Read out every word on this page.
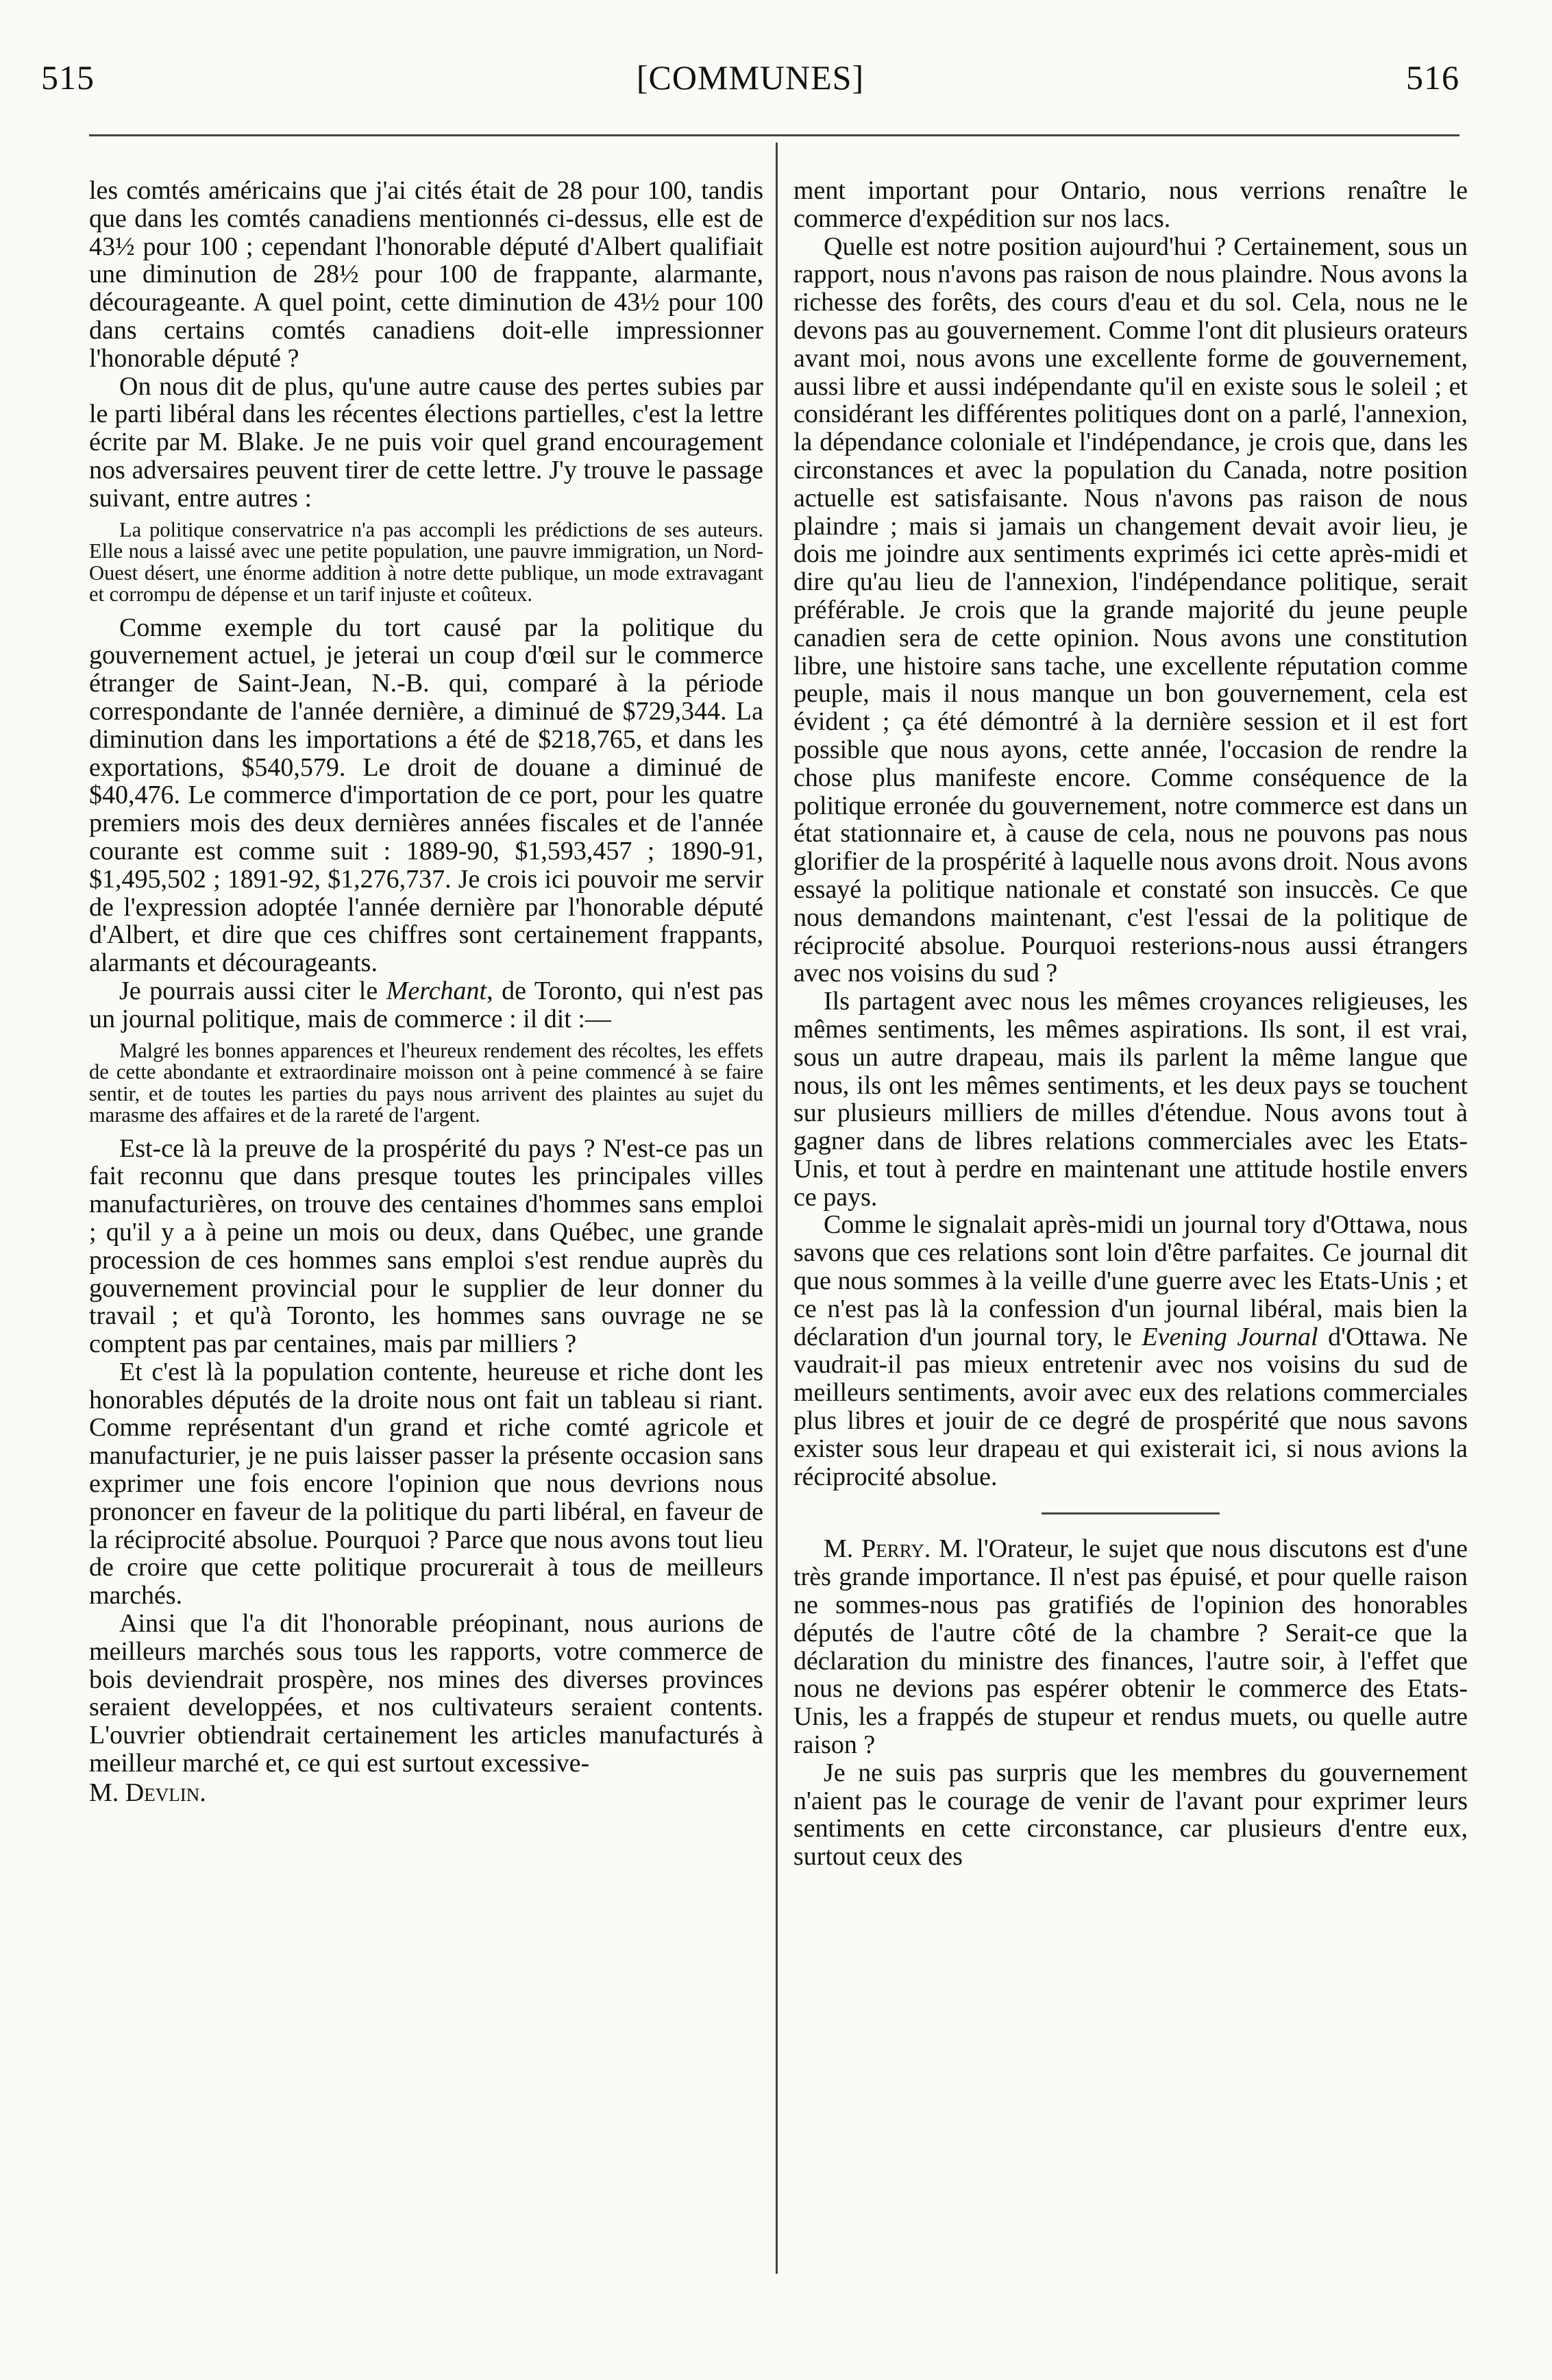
515	[COMMUNES]	516

les comtés américains que j'ai cités était de 28 pour 100, tandis que dans les comtés canadiens mentionnés ci-dessus, elle est de 43½ pour 100 ; cependant l'honorable député d'Albert qualifiait une diminution de 28½ pour 100 de frappante, alarmante, décourageante. A quel point, cette diminution de 43½ pour 100 dans certains comtés canadiens doit-elle impressionner l'honorable député ?

On nous dit de plus, qu'une autre cause des pertes subies par le parti libéral dans les récentes élections partielles, c'est la lettre écrite par M. Blake. Je ne puis voir quel grand encouragement nos adversaires peuvent tirer de cette lettre. J'y trouve le passage suivant, entre autres :

La politique conservatrice n'a pas accompli les prédictions de ses auteurs. Elle nous a laissé avec une petite population, une pauvre immigration, un Nord-Ouest désert, une énorme addition à notre dette publique, un mode extravagant et corrompu de dépense et un tarif injuste et coûteux.

Comme exemple du tort causé par la politique du gouvernement actuel, je jeterai un coup d'œil sur le commerce étranger de Saint-Jean, N.-B. qui, comparé à la période correspondante de l'année dernière, a diminué de $729,344. La diminution dans les importations a été de $218,765, et dans les exportations, $540,579. Le droit de douane a diminué de $40,476. Le commerce d'importation de ce port, pour les quatre premiers mois des deux dernières années fiscales et de l'année courante est comme suit : 1889-90, $1,593,457 ; 1890-91, $1,495,502 ; 1891-92, $1,276,737. Je crois ici pouvoir me servir de l'expression adoptée l'année dernière par l'honorable député d'Albert, et dire que ces chiffres sont certainement frappants, alarmants et décourageants.

Je pourrais aussi citer le Merchant, de Toronto, qui n'est pas un journal politique, mais de commerce : il dit :—

Malgré les bonnes apparences et l'heureux rendement des récoltes, les effets de cette abondante et extraordinaire moisson ont à peine commencé à se faire sentir, et de toutes les parties du pays nous arrivent des plaintes au sujet du marasme des affaires et de la rareté de l'argent.

Est-ce là la preuve de la prospérité du pays ? N'est-ce pas un fait reconnu que dans presque toutes les principales villes manufacturières, on trouve des centaines d'hommes sans emploi ; qu'il y a à peine un mois ou deux, dans Québec, une grande procession de ces hommes sans emploi s'est rendue auprès du gouvernement provincial pour le supplier de leur donner du travail ; et qu'à Toronto, les hommes sans ouvrage ne se comptent pas par centaines, mais par milliers ?

Et c'est là la population contente, heureuse et riche dont les honorables députés de la droite nous ont fait un tableau si riant. Comme représentant d'un grand et riche comté agricole et manufacturier, je ne puis laisser passer la présente occasion sans exprimer une fois encore l'opinion que nous devrions nous prononcer en faveur de la politique du parti libéral, en faveur de la réciprocité absolue. Pourquoi ? Parce que nous avons tout lieu de croire que cette politique procurerait à tous de meilleurs marchés.

Ainsi que l'a dit l'honorable préopinant, nous aurions de meilleurs marchés sous tous les rapports, votre commerce de bois deviendrait prospère, nos mines des diverses provinces seraient developpées, et nos cultivateurs seraient contents. L'ouvrier obtiendrait certainement les articles manufacturés à meilleur marché et, ce qui est surtout excessive-

M. Devlin.

ment important pour Ontario, nous verrions renaître le commerce d'expédition sur nos lacs.

Quelle est notre position aujourd'hui ? Certainement, sous un rapport, nous n'avons pas raison de nous plaindre. Nous avons la richesse des forêts, des cours d'eau et du sol. Cela, nous ne le devons pas au gouvernement. Comme l'ont dit plusieurs orateurs avant moi, nous avons une excellente forme de gouvernement, aussi libre et aussi indépendante qu'il en existe sous le soleil ; et considérant les différentes politiques dont on a parlé, l'annexion, la dépendance coloniale et l'indépendance, je crois que, dans les circonstances et avec la population du Canada, notre position actuelle est satisfaisante. Nous n'avons pas raison de nous plaindre ; mais si jamais un changement devait avoir lieu, je dois me joindre aux sentiments exprimés ici cette après-midi et dire qu'au lieu de l'annexion, l'indépendance politique, serait préférable. Je crois que la grande majorité du jeune peuple canadien sera de cette opinion. Nous avons une constitution libre, une histoire sans tache, une excellente réputation comme peuple, mais il nous manque un bon gouvernement, cela est évident ; ça été démontré à la dernière session et il est fort possible que nous ayons, cette année, l'occasion de rendre la chose plus manifeste encore. Comme conséquence de la politique erronée du gouvernement, notre commerce est dans un état stationnaire et, à cause de cela, nous ne pouvons pas nous glorifier de la prospérité à laquelle nous avons droit. Nous avons essayé la politique nationale et constaté son insuccès. Ce que nous demandons maintenant, c'est l'essai de la politique de réciprocité absolue. Pourquoi resterions-nous aussi étrangers avec nos voisins du sud ?

Ils partagent avec nous les mêmes croyances religieuses, les mêmes sentiments, les mêmes aspirations. Ils sont, il est vrai, sous un autre drapeau, mais ils parlent la même langue que nous, ils ont les mêmes sentiments, et les deux pays se touchent sur plusieurs milliers de milles d'étendue. Nous avons tout à gagner dans de libres relations commerciales avec les Etats-Unis, et tout à perdre en maintenant une attitude hostile envers ce pays.

Comme le signalait après-midi un journal tory d'Ottawa, nous savons que ces relations sont loin d'être parfaites. Ce journal dit que nous sommes à la veille d'une guerre avec les Etats-Unis ; et ce n'est pas là la confession d'un journal libéral, mais bien la déclaration d'un journal tory, le Evening Journal d'Ottawa. Ne vaudrait-il pas mieux entretenir avec nos voisins du sud de meilleurs sentiments, avoir avec eux des relations commerciales plus libres et jouir de ce degré de prospérité que nous savons exister sous leur drapeau et qui existerait ici, si nous avions la réciprocité absolue.

M. Perry. M. l'Orateur, le sujet que nous discutons est d'une très grande importance. Il n'est pas épuisé, et pour quelle raison ne sommes-nous pas gratifiés de l'opinion des honorables députés de l'autre côté de la chambre ? Serait-ce que la déclaration du ministre des finances, l'autre soir, à l'effet que nous ne devions pas espérer obtenir le commerce des Etats-Unis, les a frappés de stupeur et rendus muets, ou quelle autre raison ?

Je ne suis pas surpris que les membres du gouvernement n'aient pas le courage de venir de l'avant pour exprimer leurs sentiments en cette circonstance, car plusieurs d'entre eux, surtout ceux des
